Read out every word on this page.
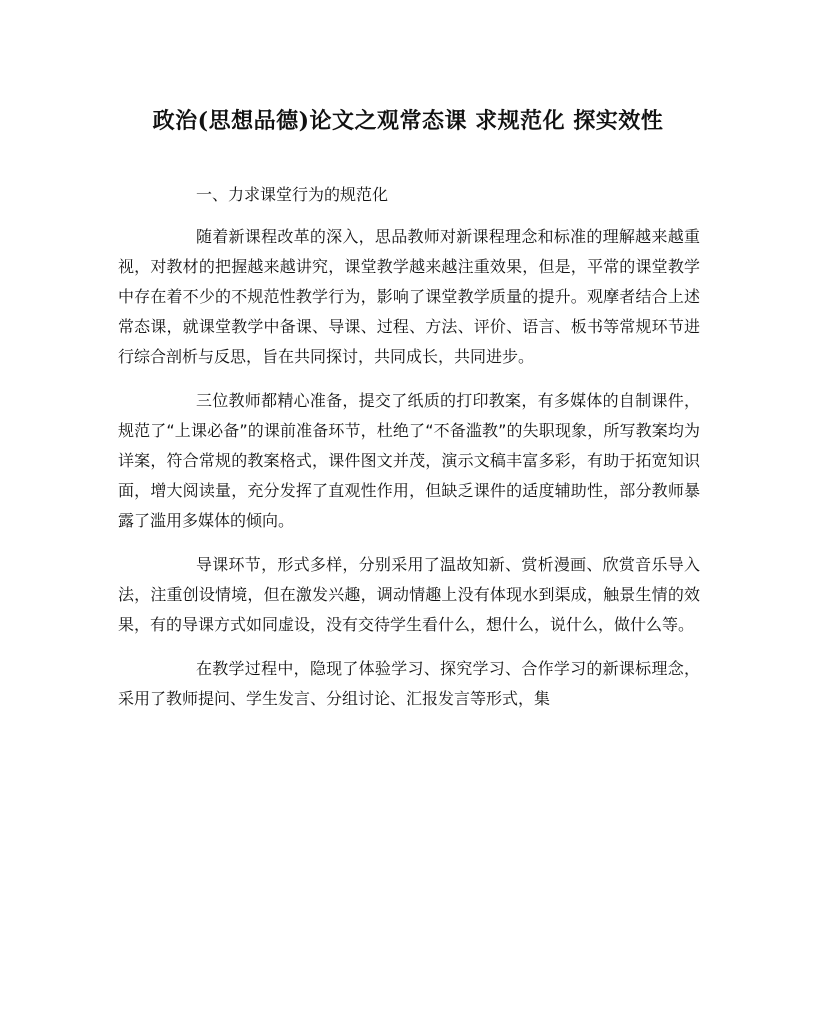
政治(思想品德)论文之观常态课 求规范化 探实效性
一、力求课堂行为的规范化

随着新课程改革的深入，思品教师对新课程理念和标准的理解越来越重视，对教材的把握越来越讲究，课堂教学越来越注重效果，但是，平常的课堂教学中存在着不少的不规范性教学行为，影响了课堂教学质量的提升。观摩者结合上述常态课，就课堂教学中备课、导课、过程、方法、评价、语言、板书等常规环节进行综合剖析与反思，旨在共同探讨，共同成长，共同进步。

三位教师都精心准备，提交了纸质的打印教案，有多媒体的自制课件，规范了“上课必备”的课前准备环节，杜绝了“不备滥教”的失职现象，所写教案均为详案，符合常规的教案格式，课件图文并茂，演示文稿丰富多彩，有助于拓宽知识面，增大阅读量，充分发挥了直观性作用，但缺乏课件的适度辅助性，部分教师暴露了滥用多媒体的倾向。

导课环节，形式多样，分别采用了温故知新、赏析漫画、欣赏音乐导入法，注重创设情境，但在激发兴趣，调动情趣上没有体现水到渠成，触景生情的效果，有的导课方式如同虚设，没有交待学生看什么，想什么，说什么，做什么等。

在教学过程中，隐现了体验学习、探究学习、合作学习的新课标理念，采用了教师提问、学生发言、分组讨论、汇报发言等形式，集
